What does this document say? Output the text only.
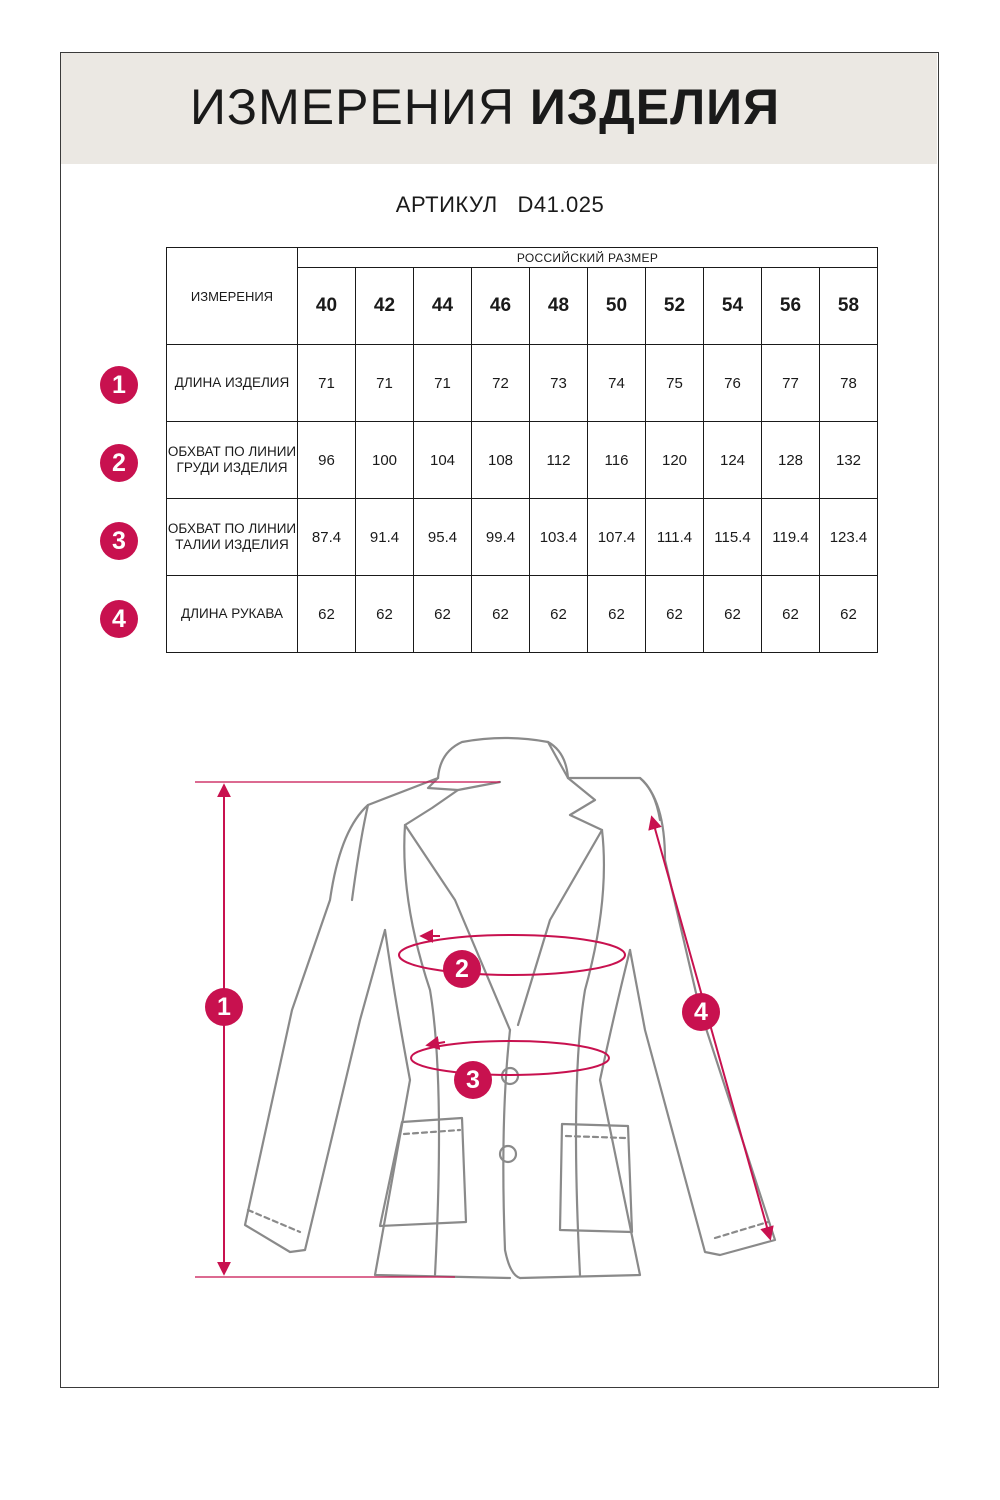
ИЗМЕРЕНИЯ ИЗДЕЛИЯ
АРТИКУЛ D41.025
ИЗМЕРЕНИЯ	РОССИЙСКИЙ РАЗМЕР									
	40	42	44	46	48	50	52	54	56	58
ДЛИНА ИЗДЕЛИЯ	71	71	71	72	73	74	75	76	77	78
ОБХВАТ ПО ЛИНИИ ГРУДИ ИЗДЕЛИЯ	96	100	104	108	112	116	120	124	128	132
ОБХВАТ ПО ЛИНИИ ТАЛИИ ИЗДЕЛИЯ	87.4	91.4	95.4	99.4	103.4	107.4	111.4	115.4	119.4	123.4
ДЛИНА РУКАВА	62	62	62	62	62	62	62	62	62	62
1
2
3
4
1
2
3
4
